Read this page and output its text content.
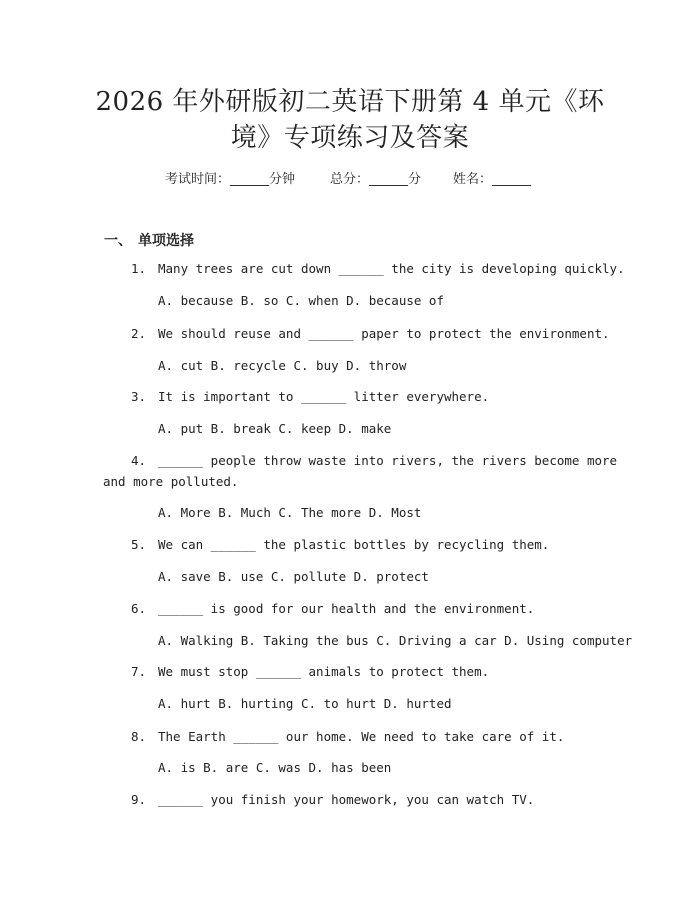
2026 年外研版初二英语下册第 4 单元《环
境》专项练习及答案
考试时间：______分钟	总分：______分 姓名：______
一、 单项选择
1. Many trees are cut down ______ the city is developing quickly.
A. because B. so C. when D. because of
2. We should reuse and ______ paper to protect the environment.
A. cut B. recycle C. buy D. throw
3. It is important to ______ litter everywhere.
A. put B. break C. keep D. make
4. ______ people throw waste into rivers, the rivers become more
and more polluted.
A. More B. Much C. The more D. Most
5. We can ______ the plastic bottles by recycling them.
A. save B. use C. pollute D. protect
6. ______ is good for our health and the environment.
A. Walking B. Taking the bus C. Driving a car D. Using computer
7. We must stop ______ animals to protect them.
A. hurt B. hurting C. to hurt D. hurted
8. The Earth ______ our home. We need to take care of it.
A. is B. are C. was D. has been
9. ______ you finish your homework, you can watch TV.
